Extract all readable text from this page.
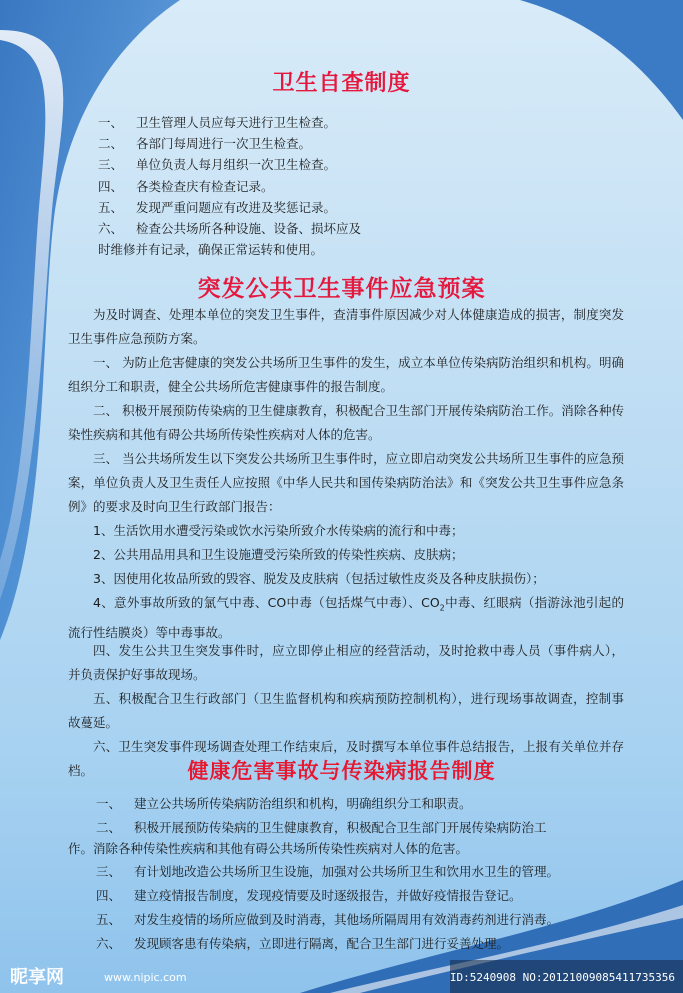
卫生自查制度
一、 卫生管理人员应每天进行卫生检查。
二、 各部门每周进行一次卫生检查。
三、 单位负责人每月组织一次卫生检查。
四、 各类检查庆有检查记录。
五、 发现严重问题应有改进及奖惩记录。
六、 检查公共场所各种设施、设备、损坏应及
时维修并有记录，确保正常运转和使用。
突发公共卫生事件应急预案
为及时调查、处理本单位的突发卫生事件，查清事件原因减少对人体健康造成的损害，制度突发卫生事件应急预防方案。
一、 为防止危害健康的突发公共场所卫生事件的发生，成立本单位传染病防治组织和机构。明确组织分工和职责，健全公共场所危害健康事件的报告制度。
二、 积极开展预防传染病的卫生健康教育，积极配合卫生部门开展传染病防治工作。消除各种传染性疾病和其他有碍公共场所传染性疾病对人体的危害。
三、 当公共场所发生以下突发公共场所卫生事件时，应立即启动突发公共场所卫生事件的应急预案，单位负责人及卫生责任人应按照《中华人民共和国传染病防治法》和《突发公共卫生事件应急条例》的要求及时向卫生行政部门报告：
1、生活饮用水遭受污染或饮水污染所致介水传染病的流行和中毒；
2、公共用品用具和卫生设施遭受污染所致的传染性疾病、皮肤病；
3、因使用化妆品所致的毁容、脱发及皮肤病（包括过敏性皮炎及各种皮肤损伤）；
4、意外事故所致的氯气中毒、CO中毒（包括煤气中毒）、$CO_2$中毒、红眼病（指游泳池引起的流行性结膜炎）等中毒事故。
四、发生公共卫生突发事件时，应立即停止相应的经营活动，及时抢救中毒人员（事件病人），并负责保护好事故现场。
五、积极配合卫生行政部门（卫生监督机构和疾病预防控制机构），进行现场事故调查，控制事故蔓延。
六、卫生突发事件现场调查处理工作结束后，及时撰写本单位事件总结报告，上报有关单位并存档。	健康危害事故与传染病报告制度
一、 建立公共场所传染病防治组织和机构，明确组织分工和职责。
二、 积极开展预防传染病的卫生健康教育，积极配合卫生部门开展传染病防治工
作。消除各种传染性疾病和其他有碍公共场所传染性疾病对人体的危害。
三、 有计划地改造公共场所卫生设施，加强对公共场所卫生和饮用水卫生的管理。
四、 建立疫情报告制度，发现疫情要及时逐级报告，并做好疫情报告登记。
五、 对发生疫情的场所应做到及时消毒，其他场所隔周用有效消毒药剂进行消毒。
六、 发现顾客患有传染病，立即进行隔离，配合卫生部门进行妥善处理。
昵享网	www.nipic.com	ID:5240908 NO:20121009085411735356
